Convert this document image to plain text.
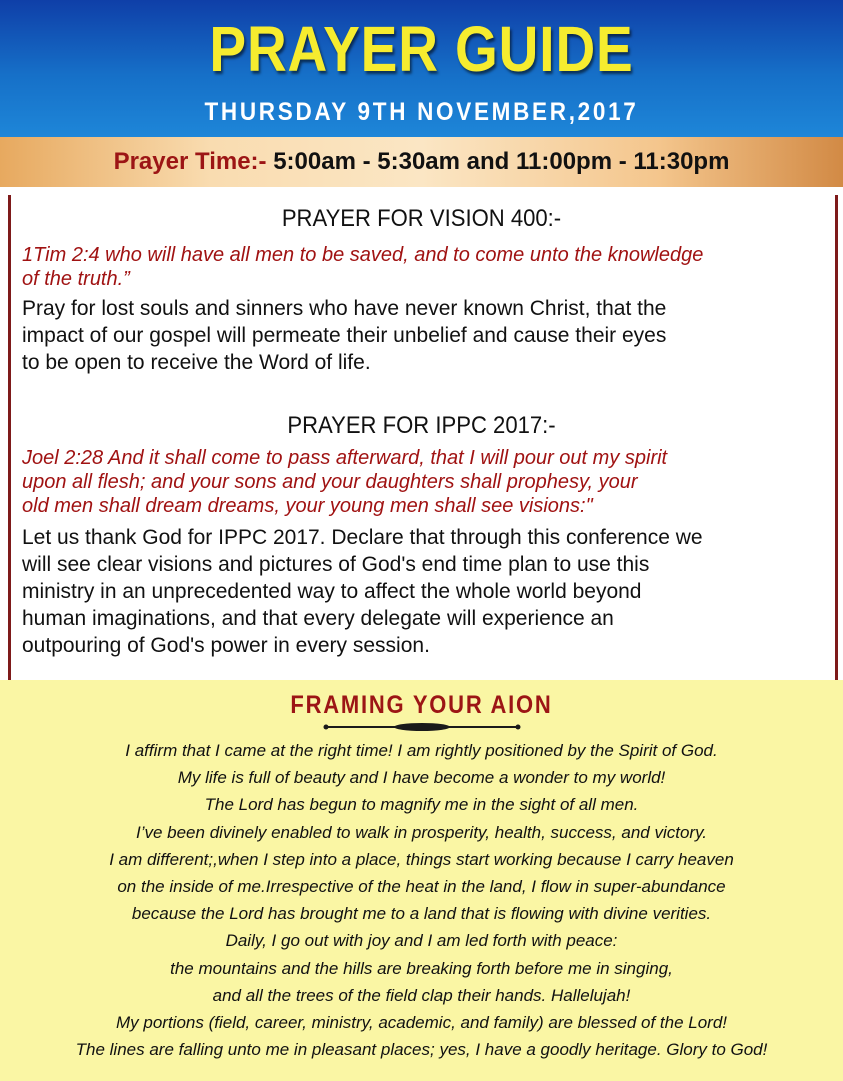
PRAYER GUIDE
THURSDAY 9TH NOVEMBER,2017
Prayer Time:- 5:00am - 5:30am and 11:00pm - 11:30pm
PRAYER FOR VISION 400:-
1Tim 2:4 who will have all men to be saved, and to come unto the knowledge
of the truth.”
Pray for lost souls and sinners who have never known Christ, that the
impact of our gospel will permeate their unbelief and cause their eyes
to be open to receive the Word of life.
PRAYER FOR IPPC 2017:-
Joel 2:28 And it shall come to pass afterward, that I will pour out my spirit
upon all flesh; and your sons and your daughters shall prophesy, your
old men shall dream dreams, your young men shall see visions:"
Let us thank God for IPPC 2017. Declare that through this conference we
will see clear visions and pictures of God's end time plan to use this
ministry in an unprecedented way to affect the whole world beyond
human imaginations, and that every delegate will experience an
outpouring of God's power in every session.
FRAMING YOUR AION
I affirm that I came at the right time! I am rightly positioned by the Spirit of God.
My life is full of beauty and I have become a wonder to my world!
The Lord has begun to magnify me in the sight of all men.
I’ve been divinely enabled to walk in prosperity, health, success, and victory.
I am different;,when I step into a place, things start working because I carry heaven
on the inside of me.Irrespective of the heat in the land, I flow in super-abundance
because the Lord has brought me to a land that is flowing with divine verities.
Daily, I go out with joy and I am led forth with peace:
the mountains and the hills are breaking forth before me in singing,
and all the trees of the field clap their hands. Hallelujah!
My portions (field, career, ministry, academic, and family) are blessed of the Lord!
The lines are falling unto me in pleasant places; yes, I have a goodly heritage. Glory to God!
